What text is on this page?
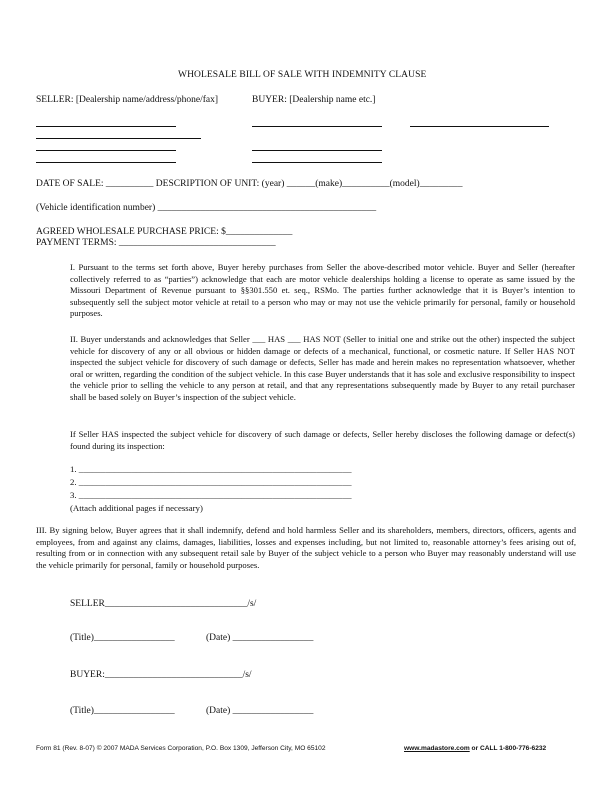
WHOLESALE BILL OF SALE WITH INDEMNITY CLAUSE
SELLER: [Dealership name/address/phone/fax]	BUYER: [Dealership name etc.]
DATE OF SALE: __________ DESCRIPTION OF UNIT: (year) ______(make)__________(model)_________
(Vehicle identification number) ______________________________________________
AGREED WHOLESALE PURCHASE PRICE: $______________
PAYMENT TERMS: _________________________________

I. Pursuant to the terms set forth above, Buyer hereby purchases from Seller the above-described motor vehicle. Buyer and Seller (hereafter collectively referred to as “parties”) acknowledge that each are motor vehicle dealerships holding a license to operate as same issued by the Missouri Department of Revenue pursuant to §§301.550 et. seq., RSMo. The parties further acknowledge that it is Buyer’s intention to subsequently sell the subject motor vehicle at retail to a person who may or may not use the vehicle primarily for personal, family or household purposes.

II. Buyer understands and acknowledges that Seller ___ HAS ___ HAS NOT (Seller to initial one and strike out the other) inspected the subject vehicle for discovery of any or all obvious or hidden damage or defects of a mechanical, functional, or cosmetic nature. If Seller HAS NOT inspected the subject vehicle for discovery of such damage or defects, Seller has made and herein makes no representation whatsoever, whether oral or written, regarding the condition of the subject vehicle. In this case Buyer understands that it has sole and exclusive responsibility to inspect the vehicle prior to selling the vehicle to any person at retail, and that any representations subsequently made by Buyer to any retail purchaser shall be based solely on Buyer’s inspection of the subject vehicle.

If Seller HAS inspected the subject vehicle for discovery of such damage or defects, Seller hereby discloses the following damage or defect(s) found during its inspection:

1. ______________________________________________________________
2. ______________________________________________________________
3. ______________________________________________________________
(Attach additional pages if necessary)

III. By signing below, Buyer agrees that it shall indemnify, defend and hold harmless Seller and its shareholders, members, directors, officers, agents and employees, from and against any claims, damages, liabilities, losses and expenses including, but not limited to, reasonable attorney’s fees arising out of, resulting from or in connection with any subsequent retail sale by Buyer of the subject vehicle to a person who Buyer may reasonably understand will use the vehicle primarily for personal, family or household purposes.

SELLER______________________________/s/
(Title)_________________	(Date) _________________
BUYER:_____________________________/s/
(Title)_________________	(Date) _________________
Form 81 (Rev. 8-07) © 2007 MADA Services Corporation, P.O. Box 1309, Jefferson City, MO 65102	www.madastore.com or CALL 1-800-776-6232
